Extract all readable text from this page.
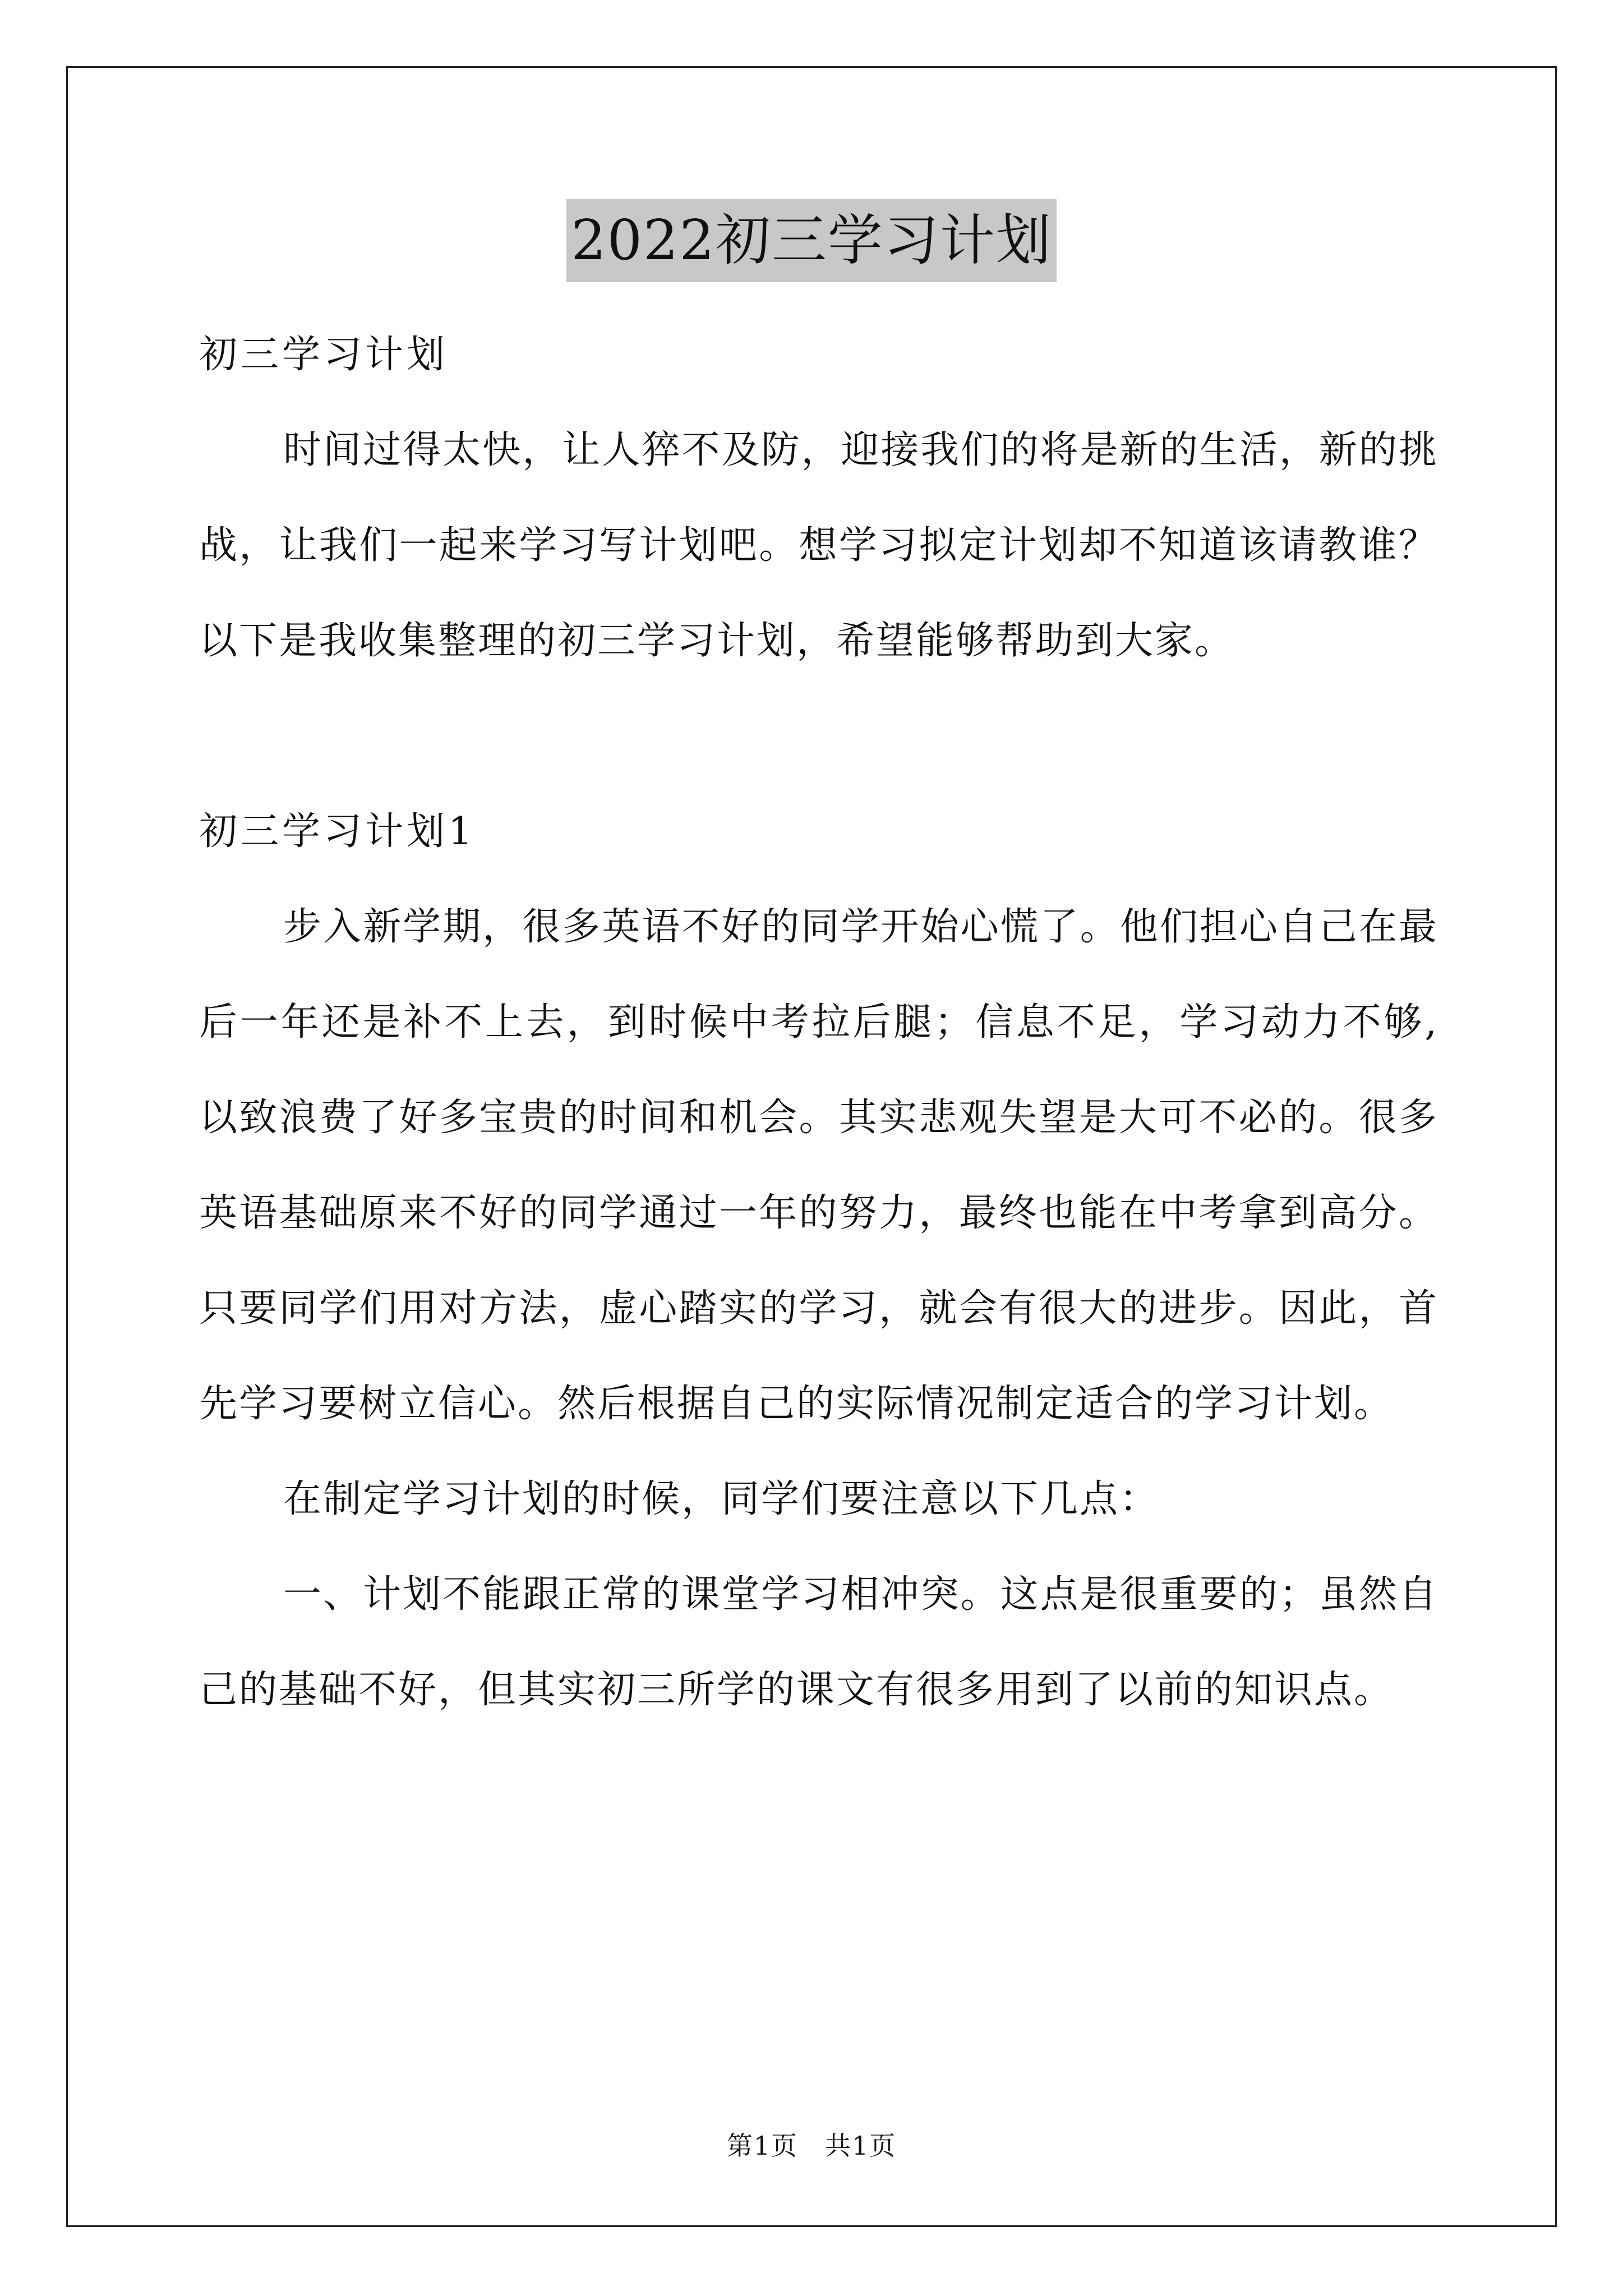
2022初三学习计划

初三学习计划

时间过得太快，让人猝不及防，迎接我们的将是新的生活，新的挑战，让我们一起来学习写计划吧。想学习拟定计划却不知道该请教谁？以下是我收集整理的初三学习计划，希望能够帮助到大家。

初三学习计划1

步入新学期，很多英语不好的同学开始心慌了。他们担心自己在最后一年还是补不上去，到时候中考拉后腿；信息不足，学习动力不够,以致浪费了好多宝贵的时间和机会。其实悲观失望是大可不必的。很多英语基础原来不好的同学通过一年的努力，最终也能在中考拿到高分。只要同学们用对方法，虚心踏实的学习，就会有很大的进步。因此，首先学习要树立信心。然后根据自己的实际情况制定适合的学习计划。

在制定学习计划的时候，同学们要注意以下几点：

一、计划不能跟正常的课堂学习相冲突。这点是很重要的；虽然自己的基础不好，但其实初三所学的课文有很多用到了以前的知识点。

第1页　共1页
